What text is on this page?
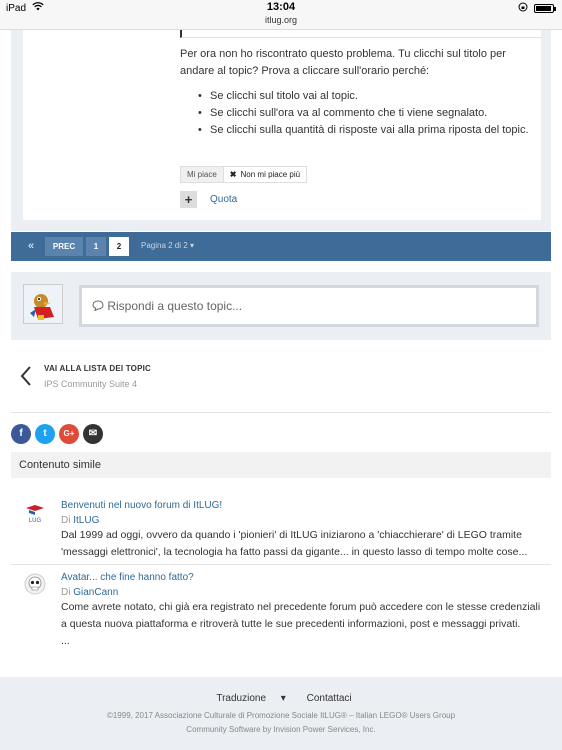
iPad	13:04
itlug.org

Per ora non ho riscontrato questo problema. Tu clicchi sul titolo per andare al topic? Prova a cliccare sull'orario perché:

• Se clicchi sul titolo vai al topic.
• Se clicchi sull'ora va al commento che ti viene segnalato.
• Se clicchi sulla quantità di risposte vai alla prima riposta del topic.
Mi piace	✖ Non mi piace più
+	Quota
«	PREC	1	2	Pagina 2 di 2 ▾
Rispondi a questo topic...
VAI ALLA LISTA DEI TOPIC
IPS Community Suite 4
f	t	G+	✉
Contenuto simile
LUG
Benvenuti nel nuovo forum di ItLUG!
Di ItLUG
Dal 1999 ad oggi, ovvero da quando i 'pionieri' di ItLUG iniziarono a 'chiacchierare' di LEGO tramite 'messaggi elettronici', la tecnologia ha fatto passi da gigante... in questo lasso di tempo molte cose...
Avatar... che fine hanno fatto?
Di GianCann
Come avrete notato, chi già era registrato nel precedente forum può accedere con le stesse credenziali a questa nuova piattaforma e ritroverà tutte le sue precedenti informazioni, post e messaggi privati.
...
Traduzione ▾ Contattaci
©1999, 2017 Associazione Culturale di Promozione Sociale ItLUG® – Italian LEGO® Users Group
Community Software by Invision Power Services, Inc.
